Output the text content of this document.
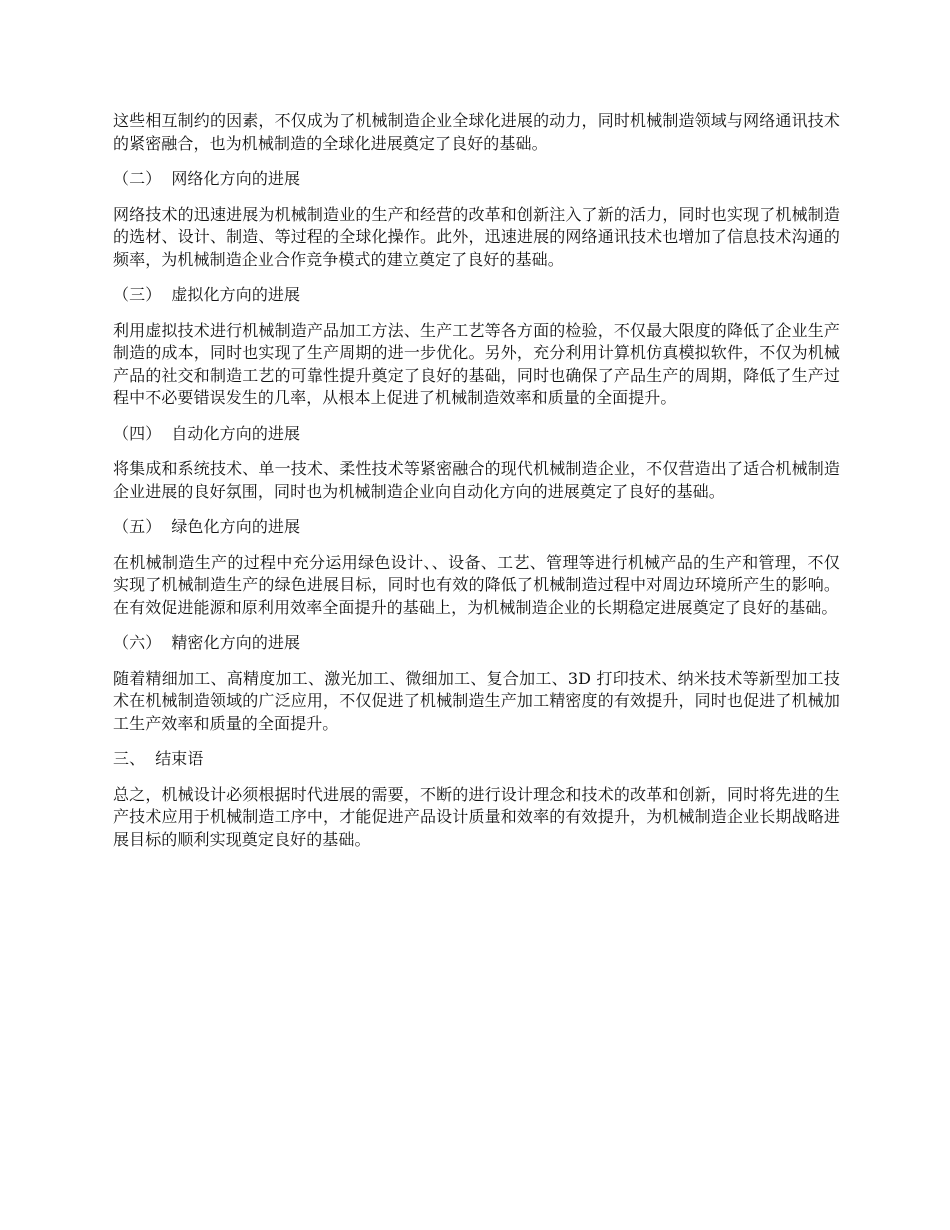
这些相互制约的因素，不仅成为了机械制造企业全球化进展的动力，同时机械制造领域与网络通讯技术的紧密融合，也为机械制造的全球化进展奠定了良好的基础。

（二） 网络化方向的进展

网络技术的迅速进展为机械制造业的生产和经营的改革和创新注入了新的活力，同时也实现了机械制造的选材、设计、制造、等过程的全球化操作。此外，迅速进展的网络通讯技术也增加了信息技术沟通的频率，为机械制造企业合作竞争模式的建立奠定了良好的基础。

（三） 虚拟化方向的进展

利用虚拟技术进行机械制造产品加工方法、生产工艺等各方面的检验，不仅最大限度的降低了企业生产制造的成本，同时也实现了生产周期的进一步优化。另外，充分利用计算机仿真模拟软件，不仅为机械产品的社交和制造工艺的可靠性提升奠定了良好的基础，同时也确保了产品生产的周期，降低了生产过程中不必要错误发生的几率，从根本上促进了机械制造效率和质量的全面提升。

（四） 自动化方向的进展

将集成和系统技术、单一技术、柔性技术等紧密融合的现代机械制造企业，不仅营造出了适合机械制造企业进展的良好氛围，同时也为机械制造企业向自动化方向的进展奠定了良好的基础。

（五） 绿色化方向的进展

在机械制造生产的过程中充分运用绿色设计、、设备、工艺、管理等进行机械产品的生产和管理，不仅实现了机械制造生产的绿色进展目标，同时也有效的降低了机械制造过程中对周边环境所产生的影响。在有效促进能源和原利用效率全面提升的基础上，为机械制造企业的长期稳定进展奠定了良好的基础。

（六） 精密化方向的进展

随着精细加工、高精度加工、激光加工、微细加工、复合加工、3D 打印技术、纳米技术等新型加工技术在机械制造领域的广泛应用，不仅促进了机械制造生产加工精密度的有效提升，同时也促进了机械加工生产效率和质量的全面提升。

三、 结束语

总之，机械设计必须根据时代进展的需要，不断的进行设计理念和技术的改革和创新，同时将先进的生产技术应用于机械制造工序中，才能促进产品设计质量和效率的有效提升，为机械制造企业长期战略进展目标的顺利实现奠定良好的基础。
